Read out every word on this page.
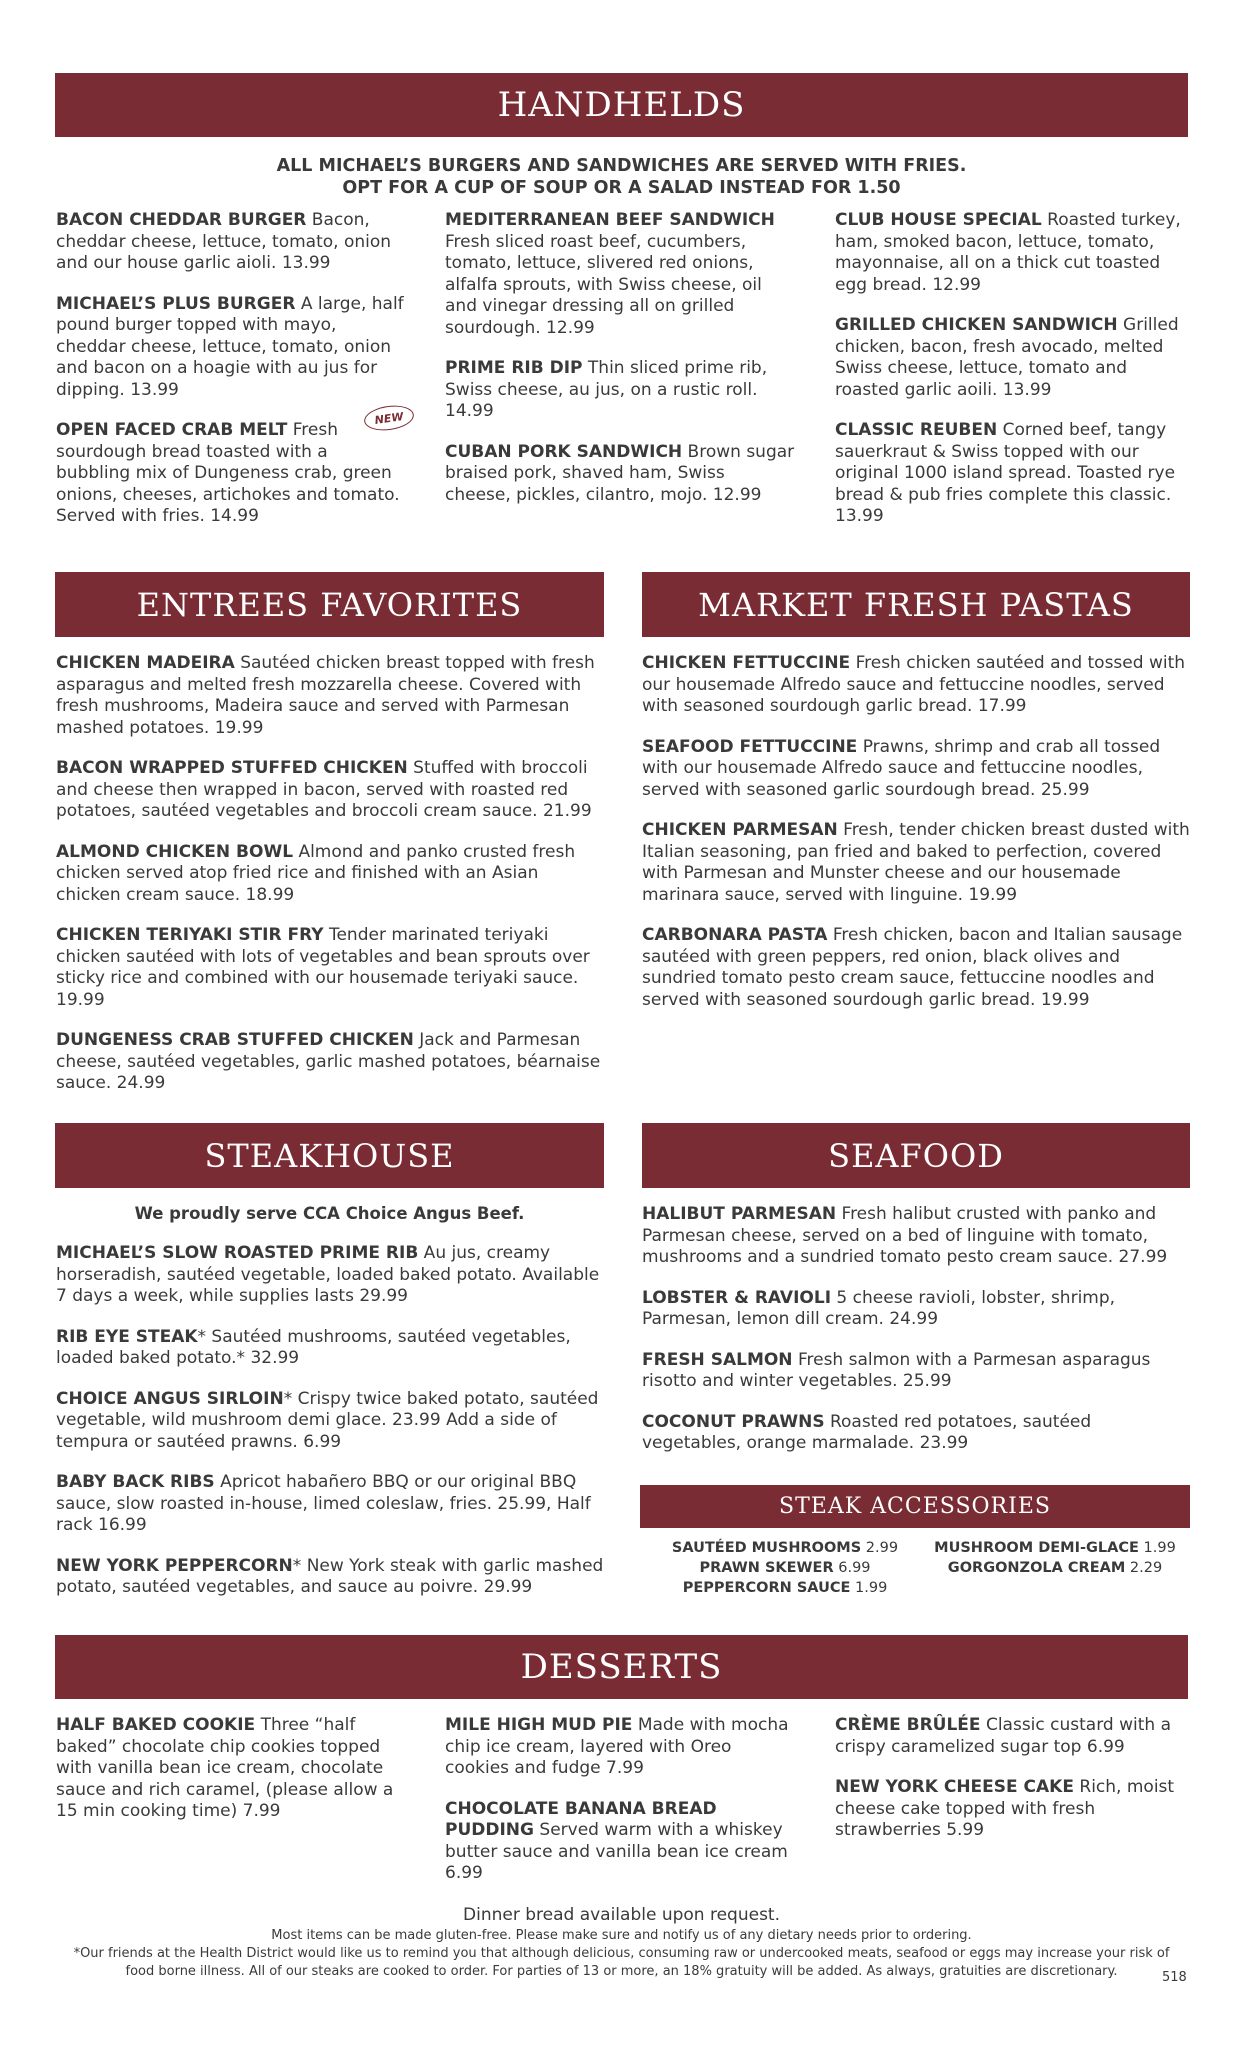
HANDHELDS
ALL MICHAEL’S BURGERS AND SANDWICHES ARE SERVED WITH FRIES.
OPT FOR A CUP OF SOUP OR A SALAD INSTEAD FOR 1.50

BACON CHEDDAR BURGER Bacon, cheddar cheese, lettuce, tomato, onion and our house garlic aioli. 13.99

MICHAEL’S PLUS BURGER A large, half pound burger topped with mayo, cheddar cheese, lettuce, tomato, onion and bacon on a hoagie with au jus for dipping. 13.99

OPEN FACED CRAB MELT Fresh sourdough bread toasted with a bubbling mix of Dungeness crab, green onions, cheeses, artichokes and tomato. Served with fries. 14.99

NEW

MEDITERRANEAN BEEF SANDWICH Fresh sliced roast beef, cucumbers, tomato, lettuce, slivered red onions, alfalfa sprouts, with Swiss cheese, oil and vinegar dressing all on grilled sourdough. 12.99

PRIME RIB DIP Thin sliced prime rib, Swiss cheese, au jus, on a rustic roll. 14.99

CUBAN PORK SANDWICH Brown sugar braised pork, shaved ham, Swiss cheese, pickles, cilantro, mojo. 12.99

CLUB HOUSE SPECIAL Roasted turkey, ham, smoked bacon, lettuce, tomato, mayonnaise, all on a thick cut toasted egg bread. 12.99

GRILLED CHICKEN SANDWICH Grilled chicken, bacon, fresh avocado, melted Swiss cheese, lettuce, tomato and roasted garlic aoili. 13.99

CLASSIC REUBEN Corned beef, tangy sauerkraut & Swiss topped with our original 1000 island spread. Toasted rye bread & pub fries complete this classic. 13.99

ENTREES FAVORITES

CHICKEN MADEIRA Sautéed chicken breast topped with fresh asparagus and melted fresh mozzarella cheese. Covered with fresh mushrooms, Madeira sauce and served with Parmesan mashed potatoes. 19.99

BACON WRAPPED STUFFED CHICKEN Stuffed with broccoli and cheese then wrapped in bacon, served with roasted red potatoes, sautéed vegetables and broccoli cream sauce. 21.99

ALMOND CHICKEN BOWL Almond and panko crusted fresh chicken served atop fried rice and finished with an Asian chicken cream sauce. 18.99

CHICKEN TERIYAKI STIR FRY Tender marinated teriyaki chicken sautéed with lots of vegetables and bean sprouts over sticky rice and combined with our housemade teriyaki sauce. 19.99

DUNGENESS CRAB STUFFED CHICKEN Jack and Parmesan cheese, sautéed vegetables, garlic mashed potatoes, béarnaise sauce. 24.99

MARKET FRESH PASTAS

CHICKEN FETTUCCINE Fresh chicken sautéed and tossed with our housemade Alfredo sauce and fettuccine noodles, served with seasoned sourdough garlic bread. 17.99

SEAFOOD FETTUCCINE Prawns, shrimp and crab all tossed with our housemade Alfredo sauce and fettuccine noodles, served with seasoned garlic sourdough bread. 25.99

CHICKEN PARMESAN Fresh, tender chicken breast dusted with Italian seasoning, pan fried and baked to perfection, covered with Parmesan and Munster cheese and our housemade marinara sauce, served with linguine. 19.99

CARBONARA PASTA Fresh chicken, bacon and Italian sausage sautéed with green peppers, red onion, black olives and sundried tomato pesto cream sauce, fettuccine noodles and served with seasoned sourdough garlic bread. 19.99

STEAKHOUSE
We proudly serve CCA Choice Angus Beef.

MICHAEL’S SLOW ROASTED PRIME RIB Au jus, creamy horseradish, sautéed vegetable, loaded baked potato. Available 7 days a week, while supplies lasts 29.99

RIB EYE STEAK* Sautéed mushrooms, sautéed vegetables, loaded baked potato.* 32.99

CHOICE ANGUS SIRLOIN* Crispy twice baked potato, sautéed vegetable, wild mushroom demi glace. 23.99 Add a side of tempura or sautéed prawns. 6.99

BABY BACK RIBS Apricot habañero BBQ or our original BBQ sauce, slow roasted in-house, limed coleslaw, fries. 25.99, Half rack 16.99

NEW YORK PEPPERCORN* New York steak with garlic mashed potato, sautéed vegetables, and sauce au poivre. 29.99

SEAFOOD

HALIBUT PARMESAN Fresh halibut crusted with panko and Parmesan cheese, served on a bed of linguine with tomato, mushrooms and a sundried tomato pesto cream sauce. 27.99

LOBSTER & RAVIOLI 5 cheese ravioli, lobster, shrimp, Parmesan, lemon dill cream. 24.99

FRESH SALMON Fresh salmon with a Parmesan asparagus risotto and winter vegetables. 25.99

COCONUT PRAWNS Roasted red potatoes, sautéed vegetables, orange marmalade. 23.99

STEAK ACCESSORIES
SAUTÉED MUSHROOMS 2.99
PRAWN SKEWER 6.99
PEPPERCORN SAUCE 1.99
MUSHROOM DEMI-GLACE 1.99
GORGONZOLA CREAM 2.29
DESSERTS

HALF BAKED COOKIE Three “half baked” chocolate chip cookies topped with vanilla bean ice cream, chocolate sauce and rich caramel, (please allow a 15 min cooking time) 7.99

MILE HIGH MUD PIE Made with mocha chip ice cream, layered with Oreo cookies and fudge 7.99

CHOCOLATE BANANA BREAD PUDDING Served warm with a whiskey butter sauce and vanilla bean ice cream 6.99

CRÈME BRÛLÉE Classic custard with a crispy caramelized sugar top 6.99

NEW YORK CHEESE CAKE Rich, moist cheese cake topped with fresh strawberries 5.99

Dinner bread available upon request.
Most items can be made gluten-free. Please make sure and notify us of any dietary needs prior to ordering.
*Our friends at the Health District would like us to remind you that although delicious, consuming raw or undercooked meats, seafood or eggs may increase your risk of
food borne illness. All of our steaks are cooked to order. For parties of 13 or more, an 18% gratuity will be added. As always, gratuities are discretionary.	518
